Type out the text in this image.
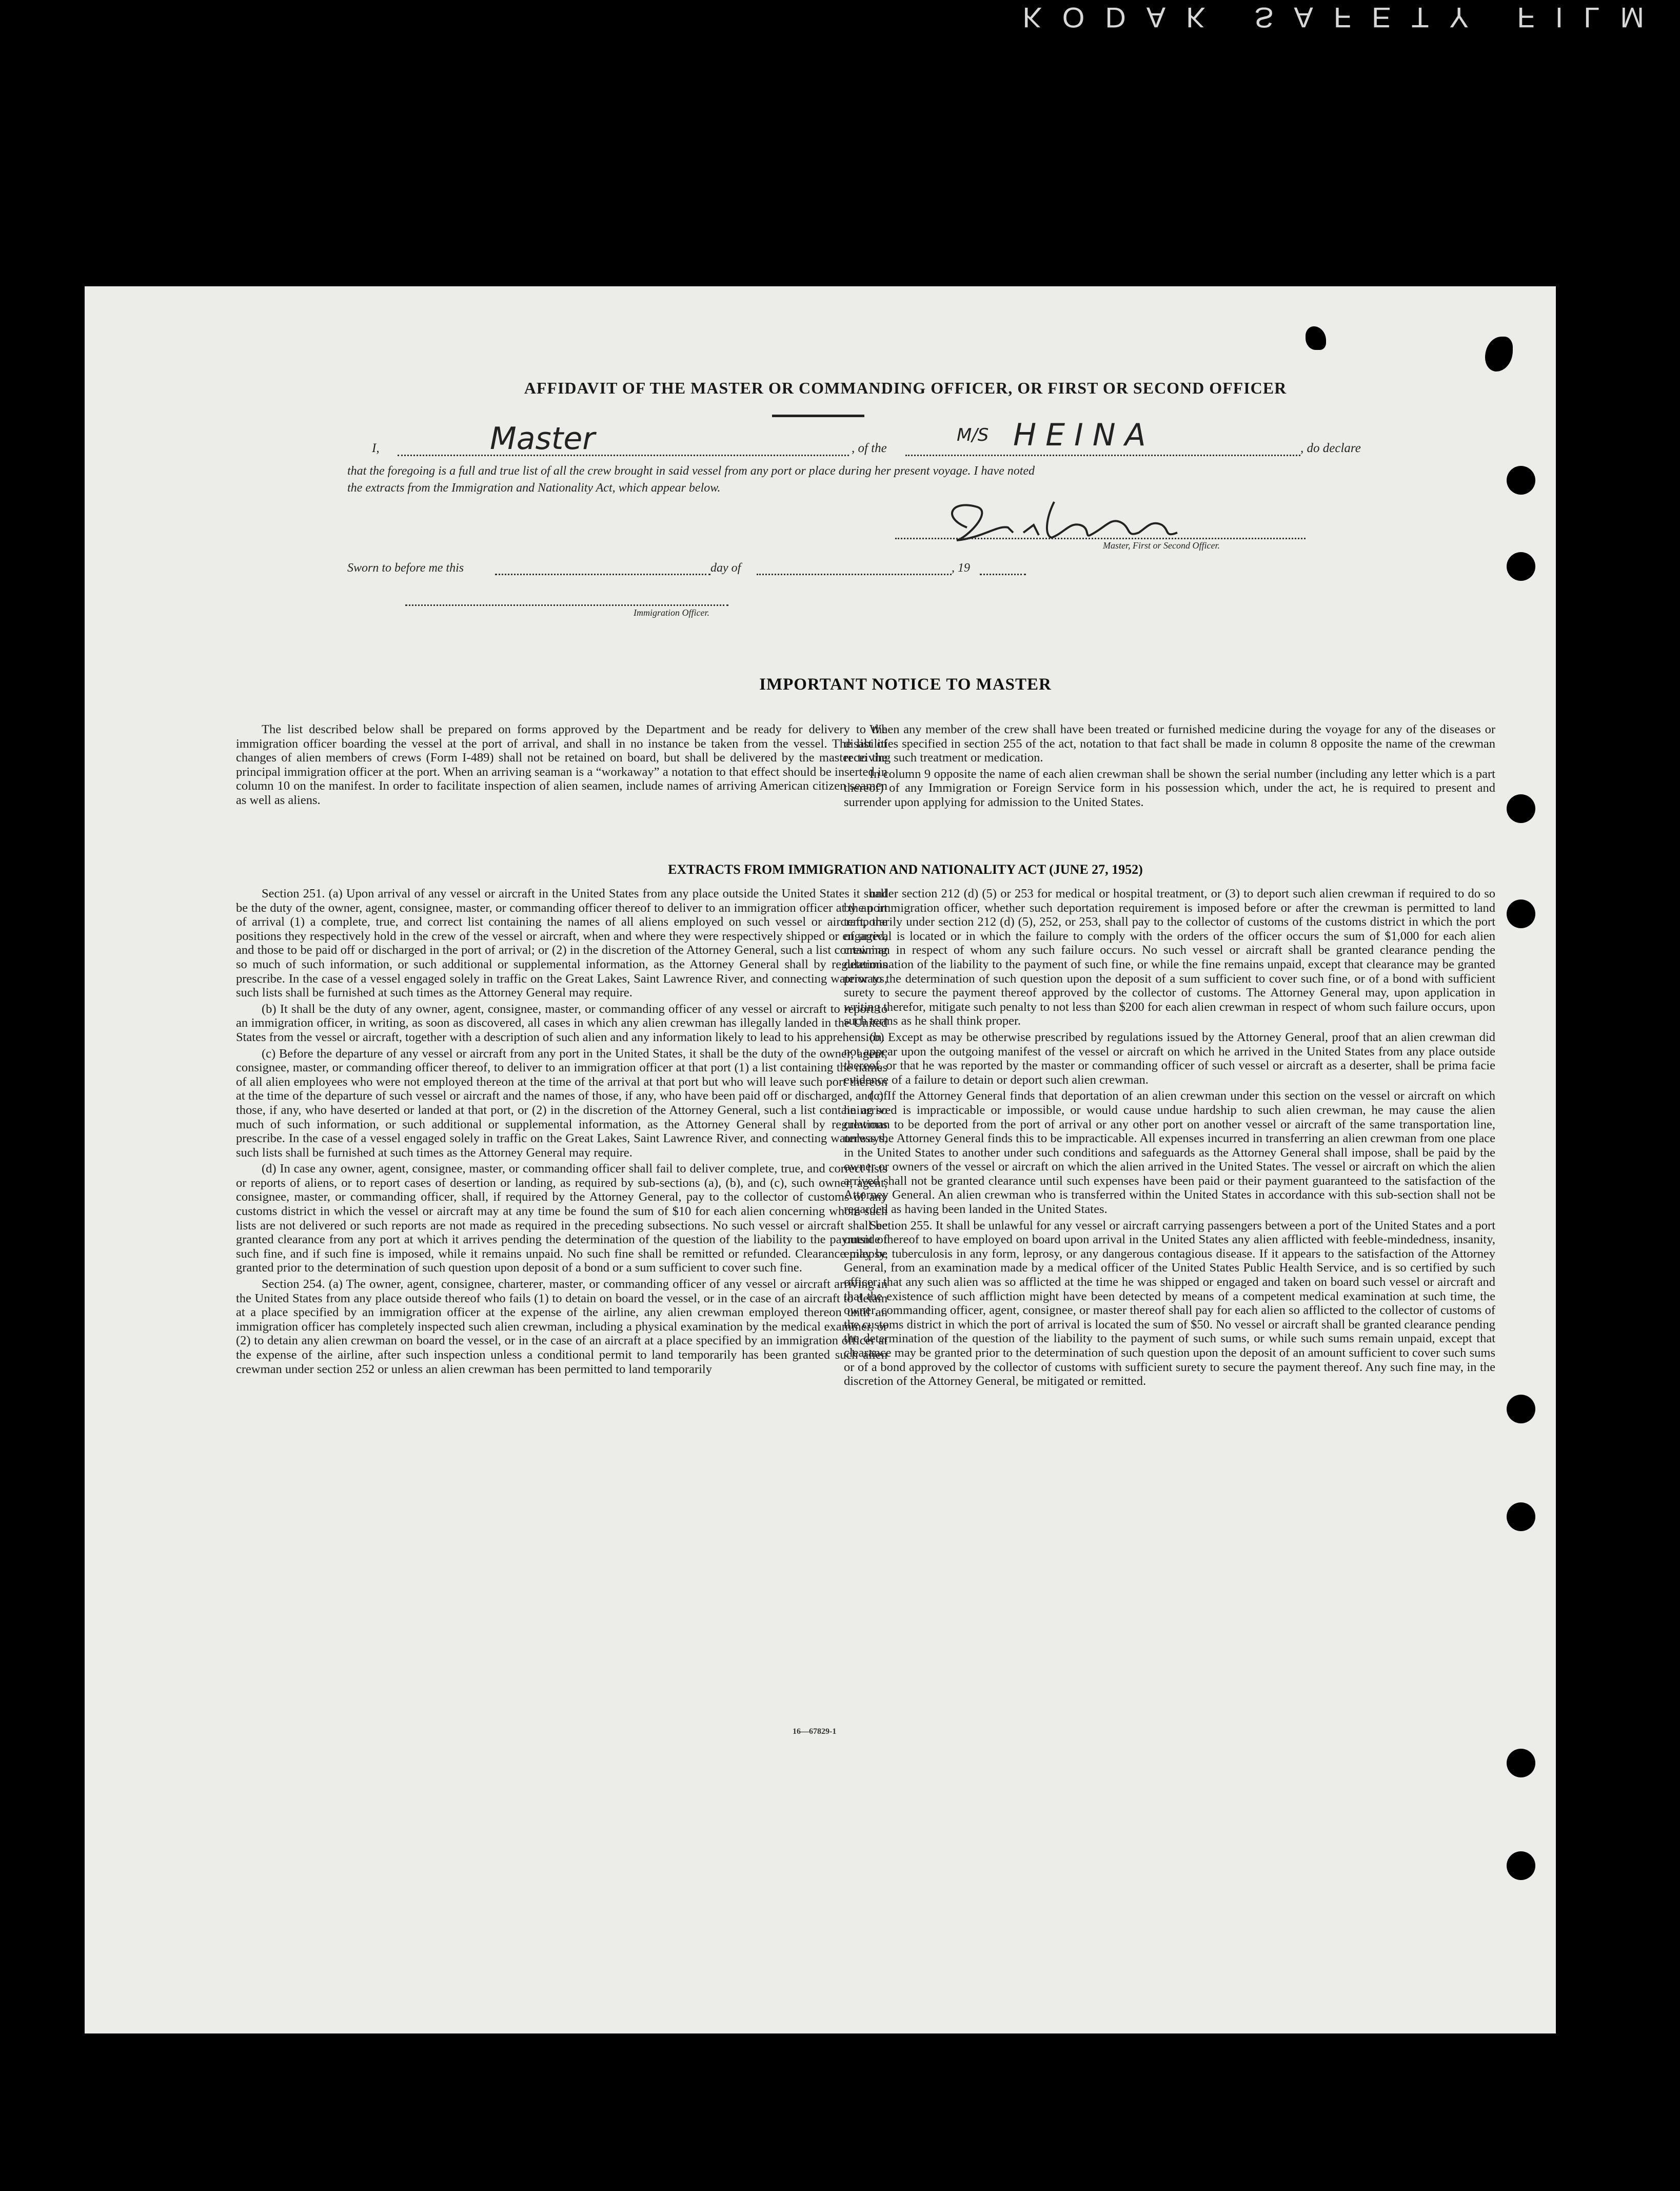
KODAK SAFETY FILM
AFFIDAVIT OF THE MASTER OR COMMANDING OFFICER, OR FIRST OR SECOND OFFICER
I,	Master	, of the
M/S HEINA	, do declare
that the foregoing is a full and true list of all the crew brought in said vessel from any port or place during her present voyage. I have noted
the extracts from the Immigration and Nationality Act, which appear below.
Master, First or Second Officer.
Sworn to before me this	day of	, 19
Immigration Officer.
IMPORTANT NOTICE TO MASTER

The list described below shall be prepared on forms approved by the Department and be ready for delivery to the immigration officer boarding the vessel at the port of arrival, and shall in no instance be taken from the vessel. The list of changes of alien members of crews (Form I-489) shall not be retained on board, but shall be delivered by the master to the principal immigration officer at the port. When an arriving seaman is a “workaway” a notation to that effect should be inserted in column 10 on the manifest. In order to facilitate inspection of alien seamen, include names of arriving American citizen seamen as well as aliens.

When any member of the crew shall have been treated or furnished medicine during the voyage for any of the diseases or disabilities specified in section 255 of the act, notation to that fact shall be made in column 8 opposite the name of the crewman receiving such treatment or medication.

In column 9 opposite the name of each alien crewman shall be shown the serial number (including any letter which is a part thereof) of any Immigration or Foreign Service form in his possession which, under the act, he is required to present and surrender upon applying for admission to the United States.

EXTRACTS FROM IMMIGRATION AND NATIONALITY ACT (JUNE 27, 1952)

Section 251. (a) Upon arrival of any vessel or aircraft in the United States from any place outside the United States it shall be the duty of the owner, agent, consignee, master, or commanding officer thereof to deliver to an immigration officer at the port of arrival (1) a complete, true, and correct list containing the names of all aliens employed on such vessel or aircraft, the positions they respectively hold in the crew of the vessel or aircraft, when and where they were respectively shipped or engaged, and those to be paid off or discharged in the port of arrival; or (2) in the discretion of the Attorney General, such a list containing so much of such information, or such additional or supplemental information, as the Attorney General shall by regulations prescribe. In the case of a vessel engaged solely in traffic on the Great Lakes, Saint Lawrence River, and connecting waterways, such lists shall be furnished at such times as the Attorney General may require.

(b) It shall be the duty of any owner, agent, consignee, master, or commanding officer of any vessel or aircraft to report to an immigration officer, in writing, as soon as discovered, all cases in which any alien crewman has illegally landed in the United States from the vessel or aircraft, together with a description of such alien and any information likely to lead to his apprehension.

(c) Before the departure of any vessel or aircraft from any port in the United States, it shall be the duty of the owner, agent, consignee, master, or commanding officer thereof, to deliver to an immigration officer at that port (1) a list containing the names of all alien employees who were not employed thereon at the time of the arrival at that port but who will leave such port thereon at the time of the departure of such vessel or aircraft and the names of those, if any, who have been paid off or discharged, and of those, if any, who have deserted or landed at that port, or (2) in the discretion of the Attorney General, such a list containing so much of such information, or such additional or supplemental information, as the Attorney General shall by regulations prescribe. In the case of a vessel engaged solely in traffic on the Great Lakes, Saint Lawrence River, and connecting waterways, such lists shall be furnished at such times as the Attorney General may require.

(d) In case any owner, agent, consignee, master, or commanding officer shall fail to deliver complete, true, and correct lists or reports of aliens, or to report cases of desertion or landing, as required by sub-sections (a), (b), and (c), such owner, agent, consignee, master, or commanding officer, shall, if required by the Attorney General, pay to the collector of customs of any customs district in which the vessel or aircraft may at any time be found the sum of $10 for each alien concerning whom such lists are not delivered or such reports are not made as required in the preceding subsections. No such vessel or aircraft shall be granted clearance from any port at which it arrives pending the determination of the question of the liability to the payment of such fine, and if such fine is imposed, while it remains unpaid. No such fine shall be remitted or refunded. Clearance may be granted prior to the determination of such question upon deposit of a bond or a sum sufficient to cover such fine.

Section 254. (a) The owner, agent, consignee, charterer, master, or commanding officer of any vessel or aircraft arriving in the United States from any place outside thereof who fails (1) to detain on board the vessel, or in the case of an aircraft to detain at a place specified by an immigration officer at the expense of the airline, any alien crewman employed thereon until an immigration officer has completely inspected such alien crewman, including a physical examination by the medical examiner, or (2) to detain any alien crewman on board the vessel, or in the case of an aircraft at a place specified by an immigration officer at the expense of the airline, after such inspection unless a conditional permit to land temporarily has been granted such alien crewman under section 252 or unless an alien crewman has been permitted to land temporarily

under section 212 (d) (5) or 253 for medical or hospital treatment, or (3) to deport such alien crewman if required to do so by an immigration officer, whether such deportation requirement is imposed before or after the crewman is permitted to land temporarily under section 212 (d) (5), 252, or 253, shall pay to the collector of customs of the customs district in which the port of arrival is located or in which the failure to comply with the orders of the officer occurs the sum of $1,000 for each alien crewman in respect of whom any such failure occurs. No such vessel or aircraft shall be granted clearance pending the determination of the liability to the payment of such fine, or while the fine remains unpaid, except that clearance may be granted prior to the determination of such question upon the deposit of a sum sufficient to cover such fine, or of a bond with sufficient surety to secure the payment thereof approved by the collector of customs. The Attorney General may, upon application in writing therefor, mitigate such penalty to not less than $200 for each alien crewman in respect of whom such failure occurs, upon such terms as he shall think proper.

(b) Except as may be otherwise prescribed by regulations issued by the Attorney General, proof that an alien crewman did not appear upon the outgoing manifest of the vessel or aircraft on which he arrived in the United States from any place outside thereof, or that he was reported by the master or commanding officer of such vessel or aircraft as a deserter, shall be prima facie evidence of a failure to detain or deport such alien crewman.

(c) If the Attorney General finds that deportation of an alien crewman under this section on the vessel or aircraft on which he arrived is impracticable or impossible, or would cause undue hardship to such alien crewman, he may cause the alien crewman to be deported from the port of arrival or any other port on another vessel or aircraft of the same transportation line, unless the Attorney General finds this to be impracticable. All expenses incurred in transferring an alien crewman from one place in the United States to another under such conditions and safeguards as the Attorney General shall impose, shall be paid by the owner or owners of the vessel or aircraft on which the alien arrived in the United States. The vessel or aircraft on which the alien arrived shall not be granted clearance until such expenses have been paid or their payment guaranteed to the satisfaction of the Attorney General. An alien crewman who is transferred within the United States in accordance with this sub-section shall not be regarded as having been landed in the United States.

Section 255. It shall be unlawful for any vessel or aircraft carrying passengers between a port of the United States and a port outside thereof to have employed on board upon arrival in the United States any alien afflicted with feeble-mindedness, insanity, epilepsy, tuberculosis in any form, leprosy, or any dangerous contagious disease. If it appears to the satisfaction of the Attorney General, from an examination made by a medical officer of the United States Public Health Service, and is so certified by such officer, that any such alien was so afflicted at the time he was shipped or engaged and taken on board such vessel or aircraft and that the existence of such affliction might have been detected by means of a competent medical examination at such time, the owner, commanding officer, agent, consignee, or master thereof shall pay for each alien so afflicted to the collector of customs of the customs district in which the port of arrival is located the sum of $50. No vessel or aircraft shall be granted clearance pending the determination of the question of the liability to the payment of such sums, or while such sums remain unpaid, except that clearance may be granted prior to the determination of such question upon the deposit of an amount sufficient to cover such sums or of a bond approved by the collector of customs with sufficient surety to secure the payment thereof. Any such fine may, in the discretion of the Attorney General, be mitigated or remitted.

16—67829-1
